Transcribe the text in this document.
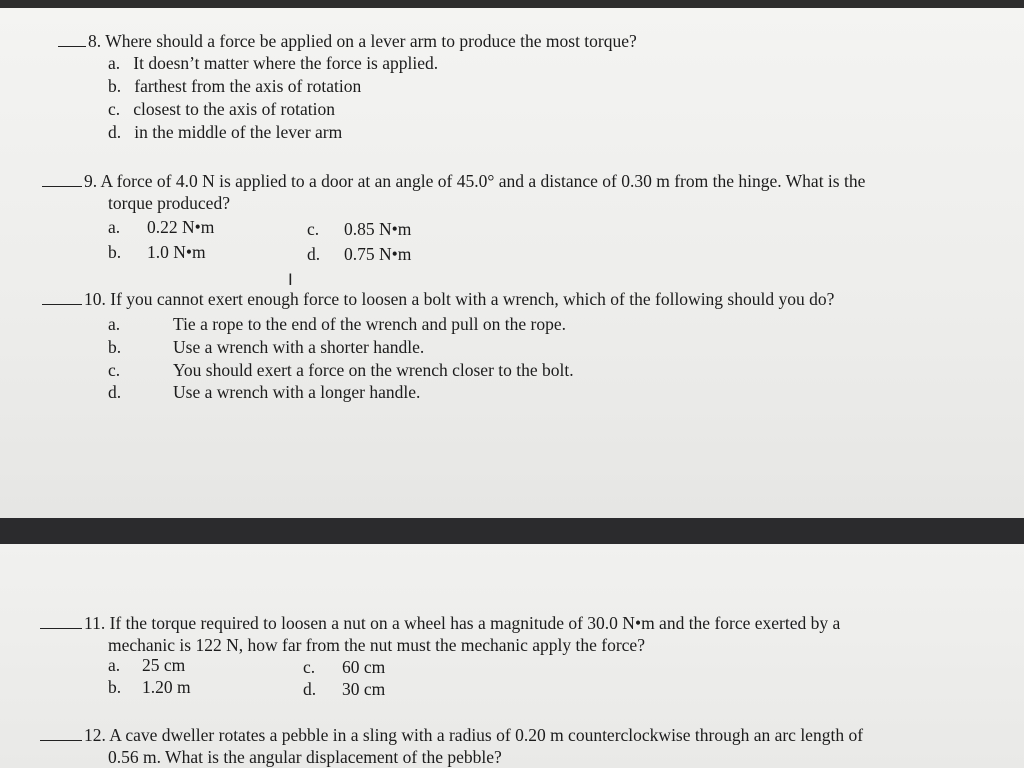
8. Where should a force be applied on a lever arm to produce the most torque?
a. It doesn’t matter where the force is applied.
b. farthest from the axis of rotation
c. closest to the axis of rotation
d. in the middle of the lever arm
9. A force of 4.0 N is applied to a door at an angle of 45.0° and a distance of 0.30 m from the hinge. What is the
torque produced?
a. 0.22 N•m
b. 1.0 N•m
c. 0.85 N•m
d. 0.75 N•m
I
10. If you cannot exert enough force to loosen a bolt with a wrench, which of the following should you do?
a.	Tie a rope to the end of the wrench and pull on the rope.
b.	Use a wrench with a shorter handle.
c.	You should exert a force on the wrench closer to the bolt.
d.	Use a wrench with a longer handle.
11. If the torque required to loosen a nut on a wheel has a magnitude of 30.0 N•m and the force exerted by a
mechanic is 122 N, how far from the nut must the mechanic apply the force?
a. 25 cm
b. 1.20 m
c. 60 cm
d. 30 cm
12. A cave dweller rotates a pebble in a sling with a radius of 0.20 m counterclockwise through an arc length of
0.56 m. What is the angular displacement of the pebble?
